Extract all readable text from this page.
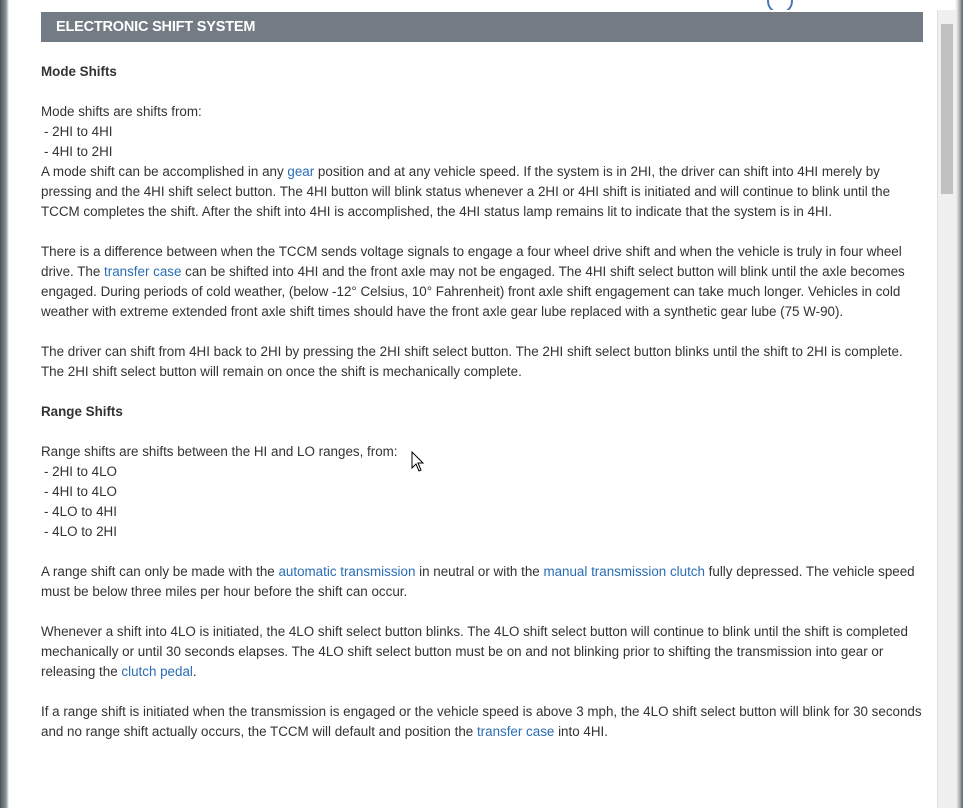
ELECTRONIC SHIFT SYSTEM

Mode Shifts

Mode shifts are shifts from:

- 2HI to 4HI

- 4HI to 2HI

A mode shift can be accomplished in any gear position and at any vehicle speed. If the system is in 2HI, the driver can shift into 4HI merely by pressing and the 4HI shift select button. The 4HI button will blink status whenever a 2HI or 4HI shift is initiated and will continue to blink until the TCCM completes the shift. After the shift into 4HI is accomplished, the 4HI status lamp remains lit to indicate that the system is in 4HI.

There is a difference between when the TCCM sends voltage signals to engage a four wheel drive shift and when the vehicle is truly in four wheel drive. The transfer case can be shifted into 4HI and the front axle may not be engaged. The 4HI shift select button will blink until the axle becomes engaged. During periods of cold weather, (below -12° Celsius, 10° Fahrenheit) front axle shift engagement can take much longer. Vehicles in cold weather with extreme extended front axle shift times should have the front axle gear lube replaced with a synthetic gear lube (75 W-90).

The driver can shift from 4HI back to 2HI by pressing the 2HI shift select button. The 2HI shift select button blinks until the shift to 2HI is complete. The 2HI shift select button will remain on once the shift is mechanically complete.

Range Shifts

Range shifts are shifts between the HI and LO ranges, from:

- 2HI to 4LO

- 4HI to 4LO

- 4LO to 4HI

- 4LO to 2HI

A range shift can only be made with the automatic transmission in neutral or with the manual transmission clutch fully depressed. The vehicle speed must be below three miles per hour before the shift can occur.

Whenever a shift into 4LO is initiated, the 4LO shift select button blinks. The 4LO shift select button will continue to blink until the shift is completed mechanically or until 30 seconds elapses. The 4LO shift select button must be on and not blinking prior to shifting the transmission into gear or releasing the clutch pedal.

If a range shift is initiated when the transmission is engaged or the vehicle speed is above 3 mph, the 4LO shift select button will blink for 30 seconds and no range shift actually occurs, the TCCM will default and position the transfer case into 4HI.
